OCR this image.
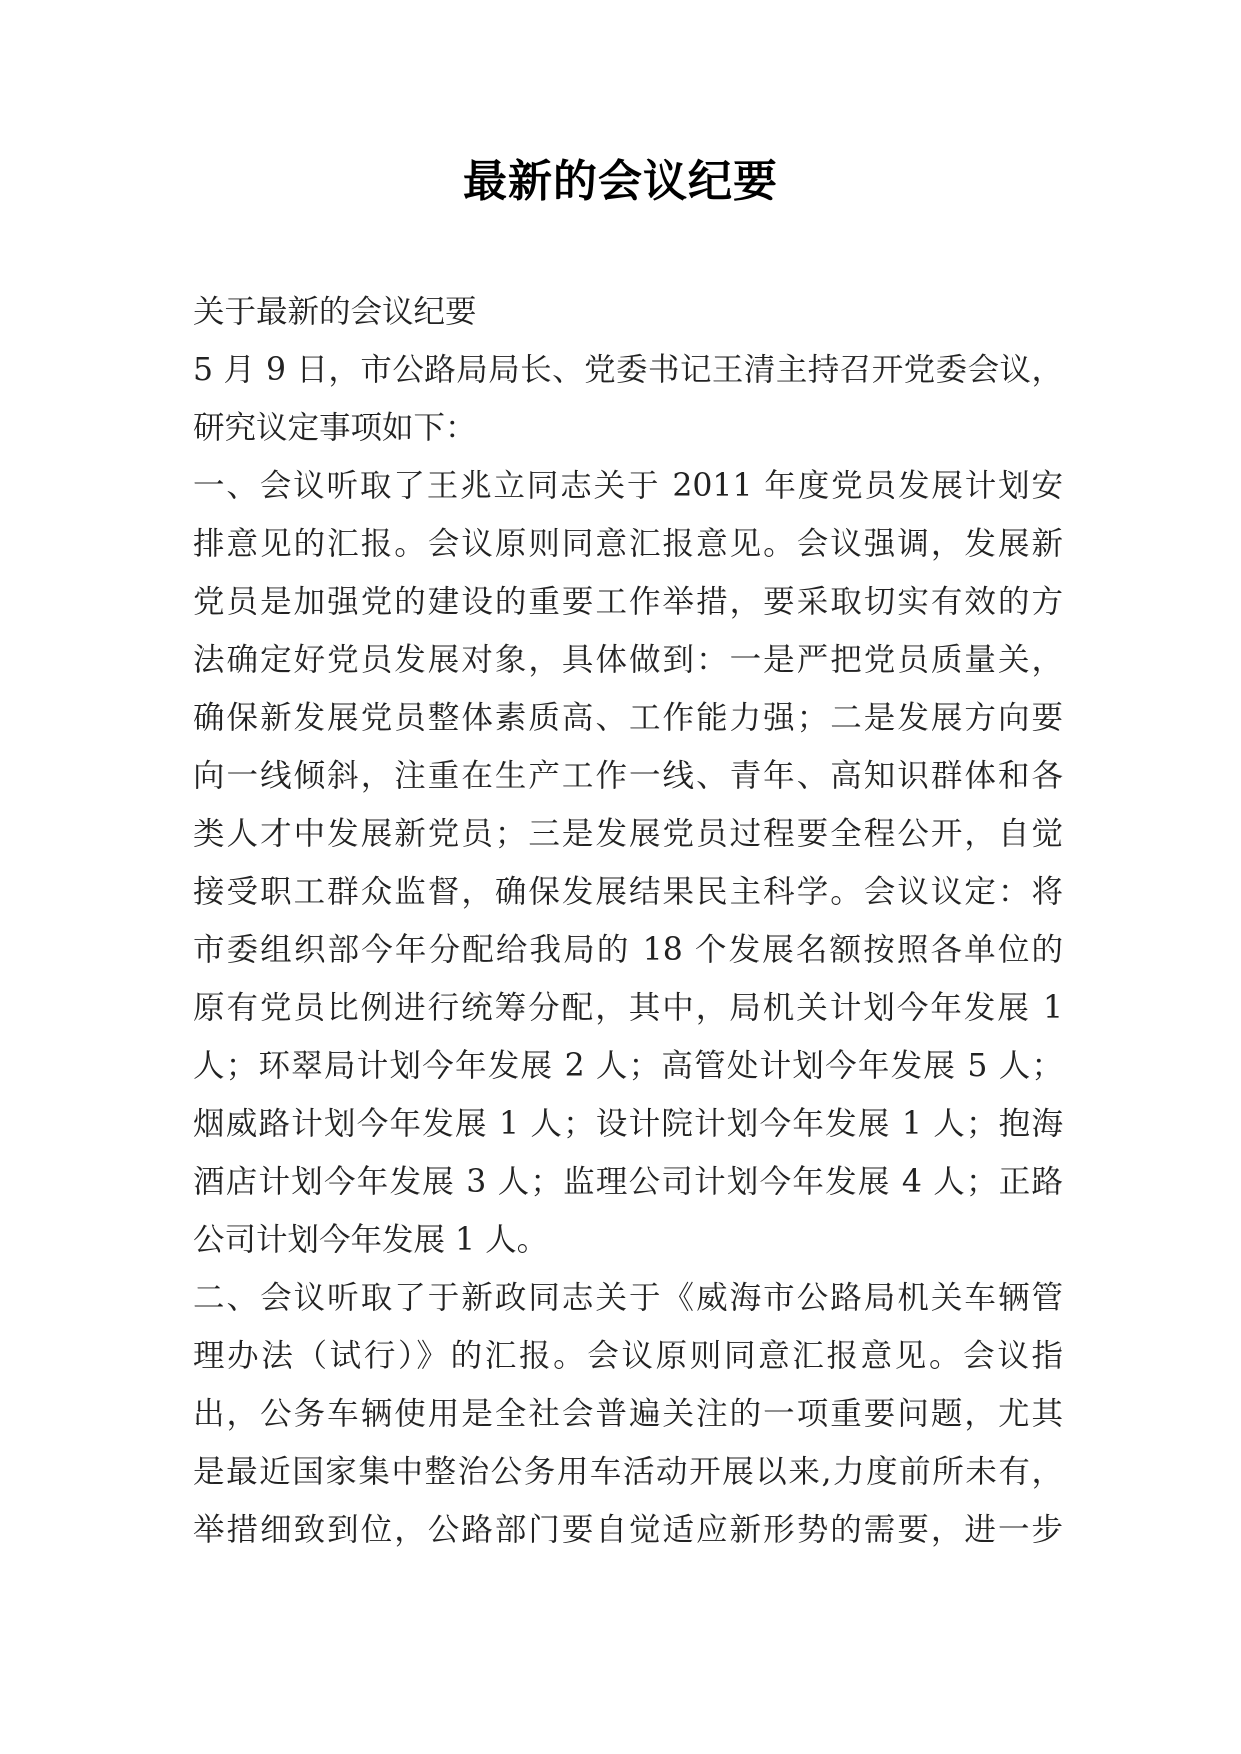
最新的会议纪要
关于最新的会议纪要
5 月 9 日，市公路局局长、党委书记王清主持召开党委会议，
研究议定事项如下：
一、会议听取了王兆立同志关于 2011 年度党员发展计划安
排意见的汇报。会议原则同意汇报意见。会议强调，发展新
党员是加强党的建设的重要工作举措，要采取切实有效的方
法确定好党员发展对象，具体做到：一是严把党员质量关，
确保新发展党员整体素质高、工作能力强；二是发展方向要
向一线倾斜，注重在生产工作一线、青年、高知识群体和各
类人才中发展新党员；三是发展党员过程要全程公开，自觉
接受职工群众监督，确保发展结果民主科学。会议议定：将
市委组织部今年分配给我局的 18 个发展名额按照各单位的
原有党员比例进行统筹分配，其中，局机关计划今年发展 1
人；环翠局计划今年发展 2 人；高管处计划今年发展 5 人；
烟威路计划今年发展 1 人；设计院计划今年发展 1 人；抱海
酒店计划今年发展 3 人；监理公司计划今年发展 4 人；正路
公司计划今年发展 1 人。
二、会议听取了于新政同志关于《威海市公路局机关车辆管
理办法（试行）》的汇报。会议原则同意汇报意见。会议指
出，公务车辆使用是全社会普遍关注的一项重要问题，尤其
是最近国家集中整治公务用车活动开展以来,力度前所未有，
举措细致到位，公路部门要自觉适应新形势的需要，进一步
